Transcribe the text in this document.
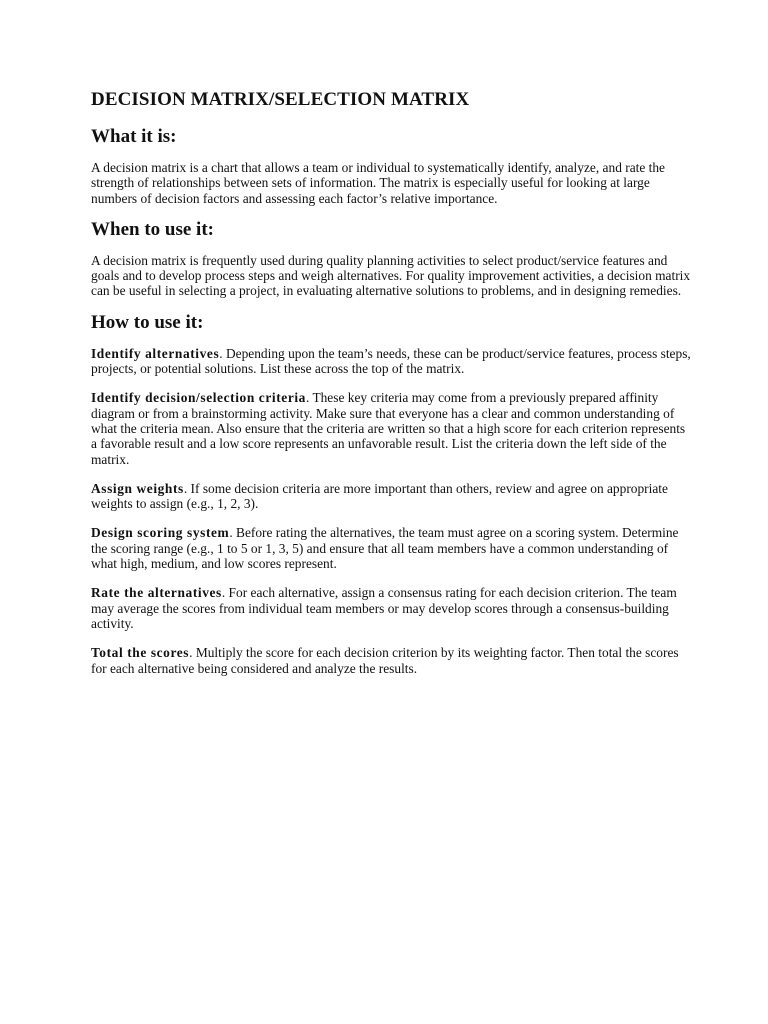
DECISION MATRIX/SELECTION MATRIX
What it is:

A decision matrix is a chart that allows a team or individual to systematically identify, analyze, and rate the strength of relationships between sets of information. The matrix is especially useful for looking at large numbers of decision factors and assessing each factor’s relative importance.

When to use it:

A decision matrix is frequently used during quality planning activities to select product/service features and goals and to develop process steps and weigh alternatives. For quality improvement activities, a decision matrix can be useful in selecting a project, in evaluating alternative solutions to problems, and in designing remedies.

How to use it:

Identify alternatives. Depending upon the team’s needs, these can be product/service features, process steps, projects, or potential solutions. List these across the top of the matrix.

Identify decision/selection criteria. These key criteria may come from a previously prepared affinity diagram or from a brainstorming activity. Make sure that everyone has a clear and common understanding of what the criteria mean. Also ensure that the criteria are written so that a high score for each criterion represents a favorable result and a low score represents an unfavorable result. List the criteria down the left side of the matrix.

Assign weights. If some decision criteria are more important than others, review and agree on appropriate weights to assign (e.g., 1, 2, 3).

Design scoring system. Before rating the alternatives, the team must agree on a scoring system. Determine the scoring range (e.g., 1 to 5 or 1, 3, 5) and ensure that all team members have a common understanding of what high, medium, and low scores represent.

Rate the alternatives. For each alternative, assign a consensus rating for each decision criterion. The team may average the scores from individual team members or may develop scores through a consensus-building activity.

Total the scores. Multiply the score for each decision criterion by its weighting factor. Then total the scores for each alternative being considered and analyze the results.
